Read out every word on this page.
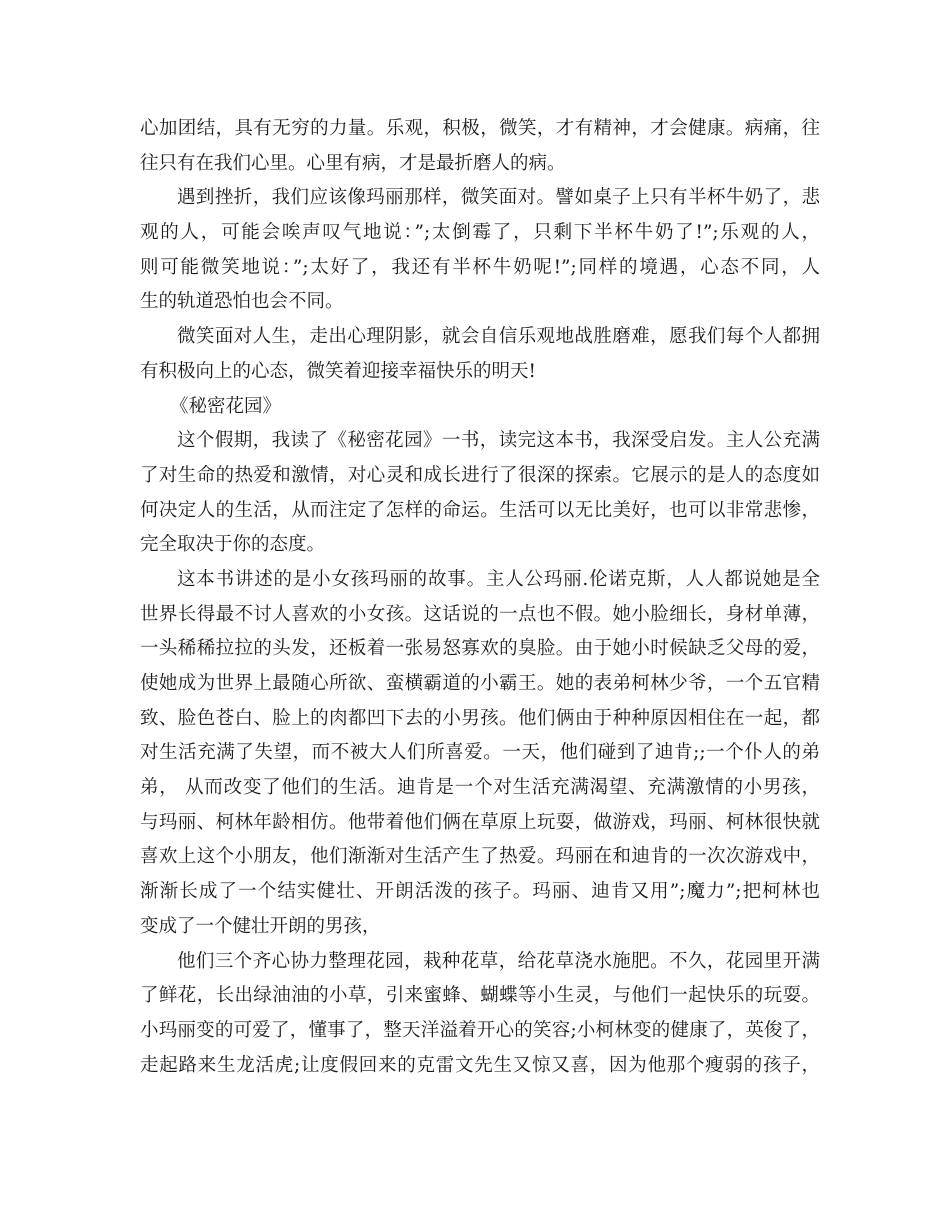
心加团结，具有无穷的力量。乐观，积极，微笑，才有精神，才会健康。病痛，往
往只有在我们心里。心里有病，才是最折磨人的病。
遇到挫折，我们应该像玛丽那样，微笑面对。譬如桌子上只有半杯牛奶了，悲
观的人，可能会唉声叹气地说：”;太倒霉了，只剩下半杯牛奶了!”;乐观的人，
则可能微笑地说：”;太好了，我还有半杯牛奶呢!”;同样的境遇，心态不同，人
生的轨道恐怕也会不同。
微笑面对人生，走出心理阴影，就会自信乐观地战胜磨难，愿我们每个人都拥
有积极向上的心态，微笑着迎接幸福快乐的明天!
《秘密花园》
这个假期，我读了《秘密花园》一书，读完这本书，我深受启发。主人公充满
了对生命的热爱和激情，对心灵和成长进行了很深的探索。它展示的是人的态度如
何决定人的生活，从而注定了怎样的命运。生活可以无比美好，也可以非常悲惨，
完全取决于你的态度。
这本书讲述的是小女孩玛丽的故事。主人公玛丽.伦诺克斯，人人都说她是全
世界长得最不讨人喜欢的小女孩。这话说的一点也不假。她小脸细长，身材单薄，
一头稀稀拉拉的头发，还板着一张易怒寡欢的臭脸。由于她小时候缺乏父母的爱，
使她成为世界上最随心所欲、蛮横霸道的小霸王。她的表弟柯林少爷，一个五官精
致、脸色苍白、脸上的肉都凹下去的小男孩。他们俩由于种种原因相住在一起，都
对生活充满了失望，而不被大人们所喜爱。一天，他们碰到了迪肯;;一个仆人的弟
弟， 从而改变了他们的生活。迪肯是一个对生活充满渴望、充满激情的小男孩，
与玛丽、柯林年龄相仿。他带着他们俩在草原上玩耍，做游戏，玛丽、柯林很快就
喜欢上这个小朋友，他们渐渐对生活产生了热爱。玛丽在和迪肯的一次次游戏中，
渐渐长成了一个结实健壮、开朗活泼的孩子。玛丽、迪肯又用”;魔力”;把柯林也
变成了一个健壮开朗的男孩，
他们三个齐心协力整理花园，栽种花草，给花草浇水施肥。不久，花园里开满
了鲜花，长出绿油油的小草，引来蜜蜂、蝴蝶等小生灵，与他们一起快乐的玩耍。
小玛丽变的可爱了，懂事了，整天洋溢着开心的笑容;小柯林变的健康了，英俊了，
走起路来生龙活虎;让度假回来的克雷文先生又惊又喜，因为他那个瘦弱的孩子，
